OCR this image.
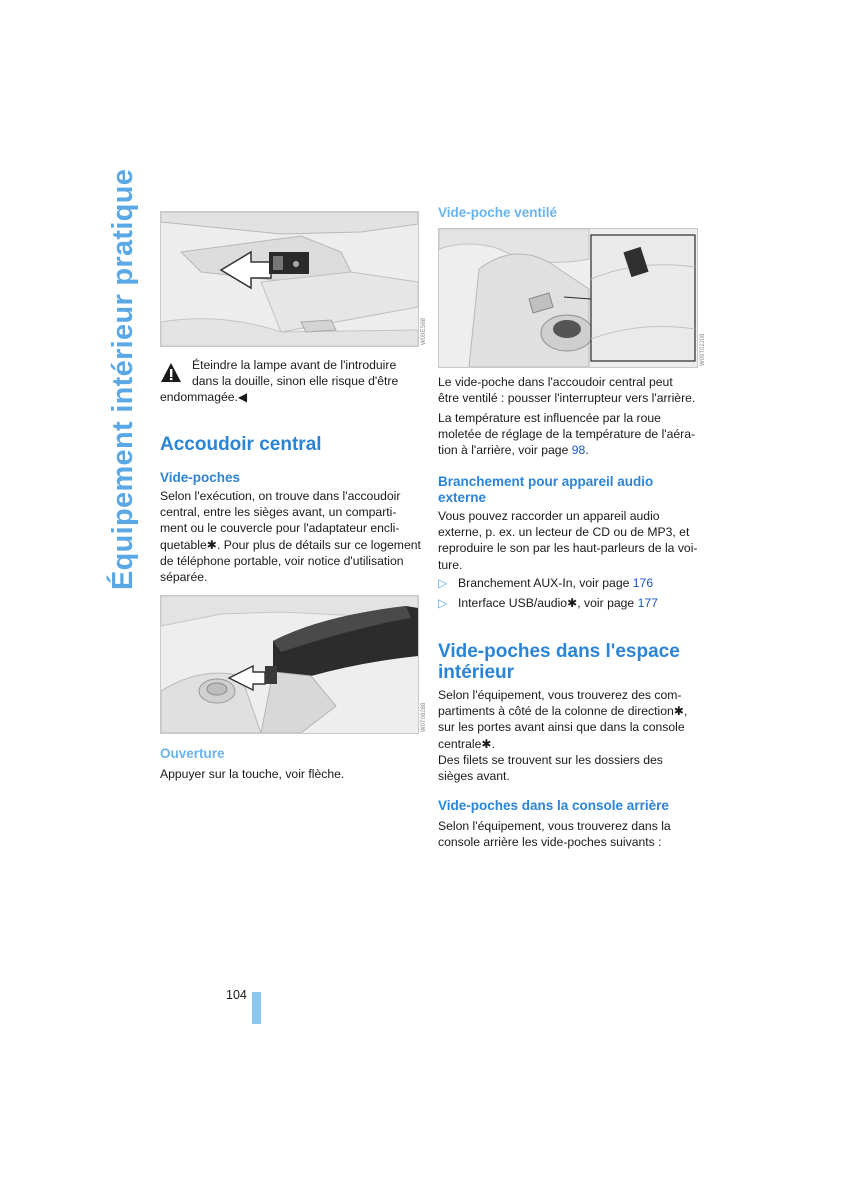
Équipement intérieur pratique	W09ES68
Éteindre la lampe avant de l'introduire
dans la douille, sinon elle risque d'être
endommagée.◀
Accoudoir central
Vide-poches
Selon l'exécution, on trouve dans l'accoudoir
central, entre les sièges avant, un comparti-
ment ou le couvercle pour l'adaptateur encli-
quetable✱. Pour plus de détails sur ce logement
de téléphone portable, voir notice d'utilisation
séparée.
W0T08288
Ouverture
Appuyer sur la touche, voir flèche.
Vide-poche ventilé
W09T02J08
Le vide-poche dans l'accoudoir central peut
être ventilé : pousser l'interrupteur vers l'arrière.
La température est influencée par la roue
moletée de réglage de la température de l'aéra-
tion à l'arrière, voir page 98.
Branchement pour appareil audio
externe
Vous pouvez raccorder un appareil audio
externe, p. ex. un lecteur de CD ou de MP3, et
reproduire le son par les haut-parleurs de la voi-
ture.
▷ Branchement AUX-In, voir page 176
▷ Interface USB/audio✱, voir page 177
Vide-poches dans l'espace
intérieur
Selon l'équipement, vous trouverez des com-
partiments à côté de la colonne de direction✱,
sur les portes avant ainsi que dans la console
centrale✱.
Des filets se trouvent sur les dossiers des
sièges avant.
Vide-poches dans la console arrière
Selon l'équipement, vous trouverez dans la
console arrière les vide-poches suivants :
104
